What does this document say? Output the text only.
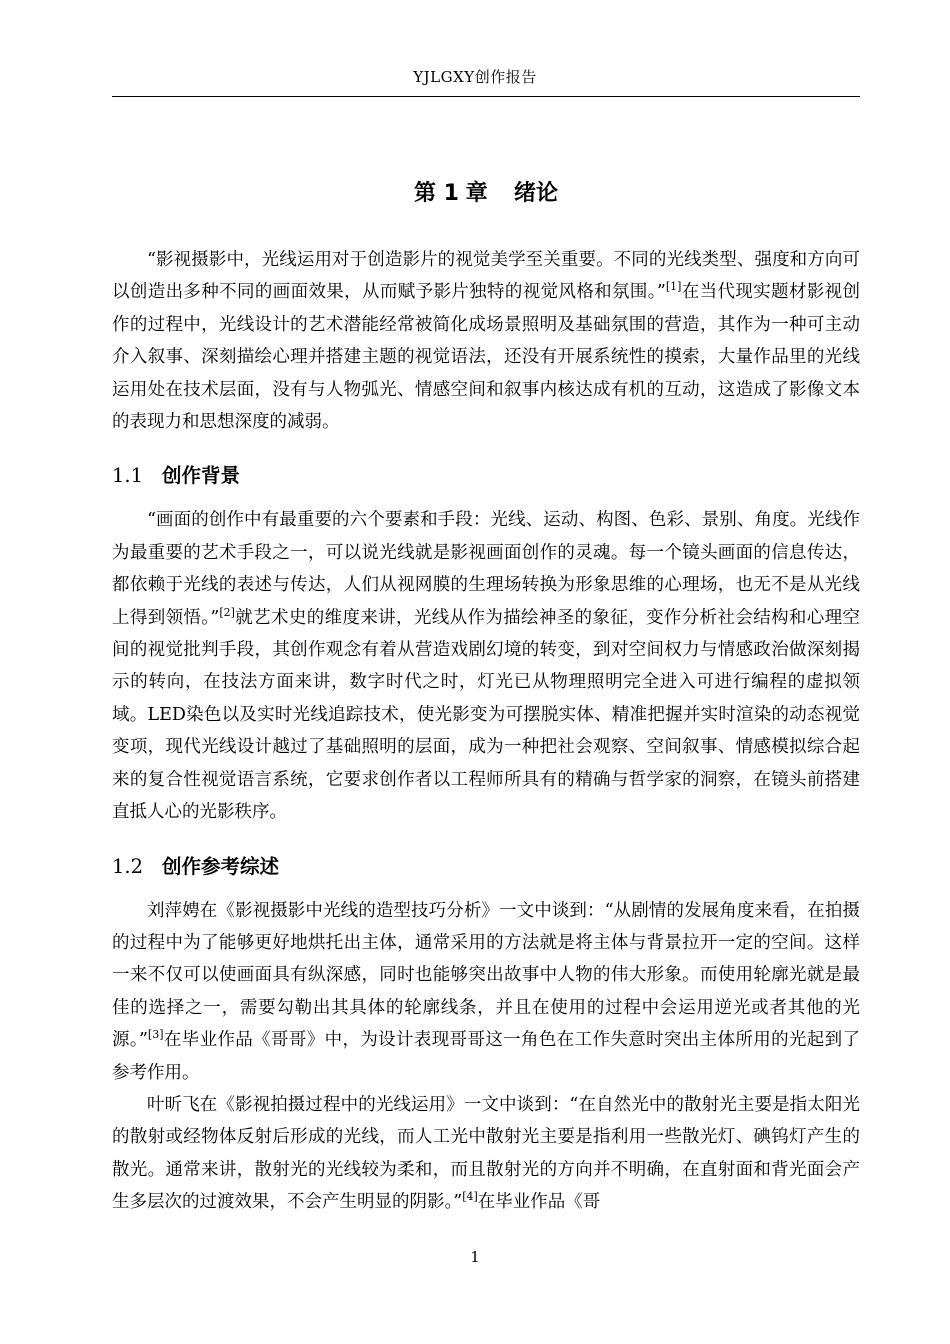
YJLGXY创作报告
第 1 章 绪论

“影视摄影中，光线运用对于创造影片的视觉美学至关重要。不同的光线类型、强度和方向可以创造出多种不同的画面效果，从而赋予影片独特的视觉风格和氛围。”[1]在当代现实题材影视创作的过程中，光线设计的艺术潜能经常被简化成场景照明及基础氛围的营造，其作为一种可主动介入叙事、深刻描绘心理并搭建主题的视觉语法，还没有开展系统性的摸索，大量作品里的光线运用处在技术层面，没有与人物弧光、情感空间和叙事内核达成有机的互动，这造成了影像文本的表现力和思想深度的减弱。

1.1 创作背景

“画面的创作中有最重要的六个要素和手段：光线、运动、构图、色彩、景别、角度。光线作为最重要的艺术手段之一，可以说光线就是影视画面创作的灵魂。每一个镜头画面的信息传达，都依赖于光线的表述与传达，人们从视网膜的生理场转换为形象思维的心理场，也无不是从光线上得到领悟。”[2]就艺术史的维度来讲，光线从作为描绘神圣的象征，变作分析社会结构和心理空间的视觉批判手段，其创作观念有着从营造戏剧幻境的转变，到对空间权力与情感政治做深刻揭示的转向，在技法方面来讲，数字时代之时，灯光已从物理照明完全进入可进行编程的虚拟领域。LED染色以及实时光线追踪技术，使光影变为可摆脱实体、精准把握并实时渲染的动态视觉变项，现代光线设计越过了基础照明的层面，成为一种把社会观察、空间叙事、情感模拟综合起来的复合性视觉语言系统，它要求创作者以工程师所具有的精确与哲学家的洞察，在镜头前搭建直抵人心的光影秩序。

1.2 创作参考综述

刘萍娉在《影视摄影中光线的造型技巧分析》一文中谈到：“从剧情的发展角度来看，在拍摄的过程中为了能够更好地烘托出主体，通常采用的方法就是将主体与背景拉开一定的空间。这样一来不仅可以使画面具有纵深感，同时也能够突出故事中人物的伟大形象。而使用轮廓光就是最佳的选择之一，需要勾勒出其具体的轮廓线条，并且在使用的过程中会运用逆光或者其他的光源。”[3]在毕业作品《哥哥》中，为设计表现哥哥这一角色在工作失意时突出主体所用的光起到了参考作用。

叶昕飞在《影视拍摄过程中的光线运用》一文中谈到：“在自然光中的散射光主要是指太阳光的散射或经物体反射后形成的光线，而人工光中散射光主要是指利用一些散光灯、碘钨灯产生的散光。通常来讲，散射光的光线较为柔和，而且散射光的方向并不明确，在直射面和背光面会产生多层次的过渡效果，不会产生明显的阴影。”[4]在毕业作品《哥

1
